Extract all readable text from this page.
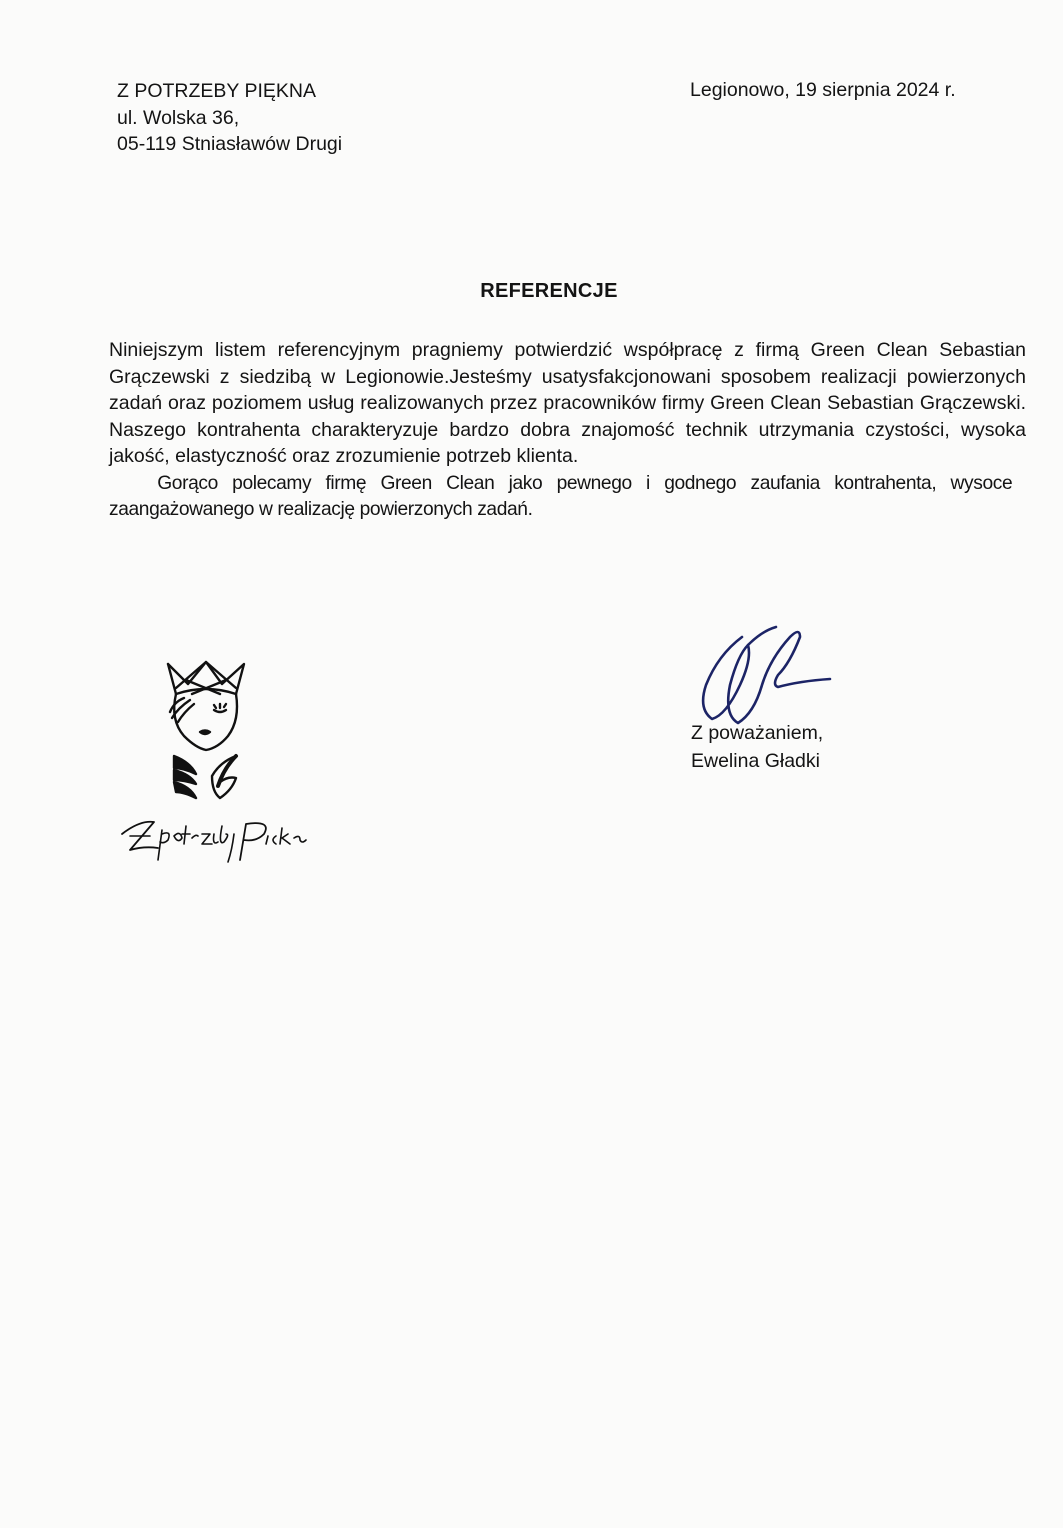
Z POTRZEBY PIĘKNA
ul. Wolska 36,
05-119 Stniasławów Drugi
Legionowo, 19 sierpnia 2024 r.
REFERENCJE

Niniejszym listem referencyjnym pragniemy potwierdzić współpracę z firmą Green Clean Sebastian Grączewski z siedzibą w Legionowie.Jesteśmy usatysfakcjonowani sposobem realizacji powierzonych zadań oraz poziomem usług realizowanych przez pracowników firmy Green Clean Sebastian Grączewski. Naszego kontrahenta charakteryzuje bardzo dobra znajomość technik utrzymania czystości, wysoka jakość, elastyczność oraz zrozumienie potrzeb klienta.

Gorąco polecamy firmę Green Clean jako pewnego i godnego zaufania kontrahenta, wysoce zaangażowanego w realizację powierzonych zadań.

Z poważaniem,
Ewelina Gładki
